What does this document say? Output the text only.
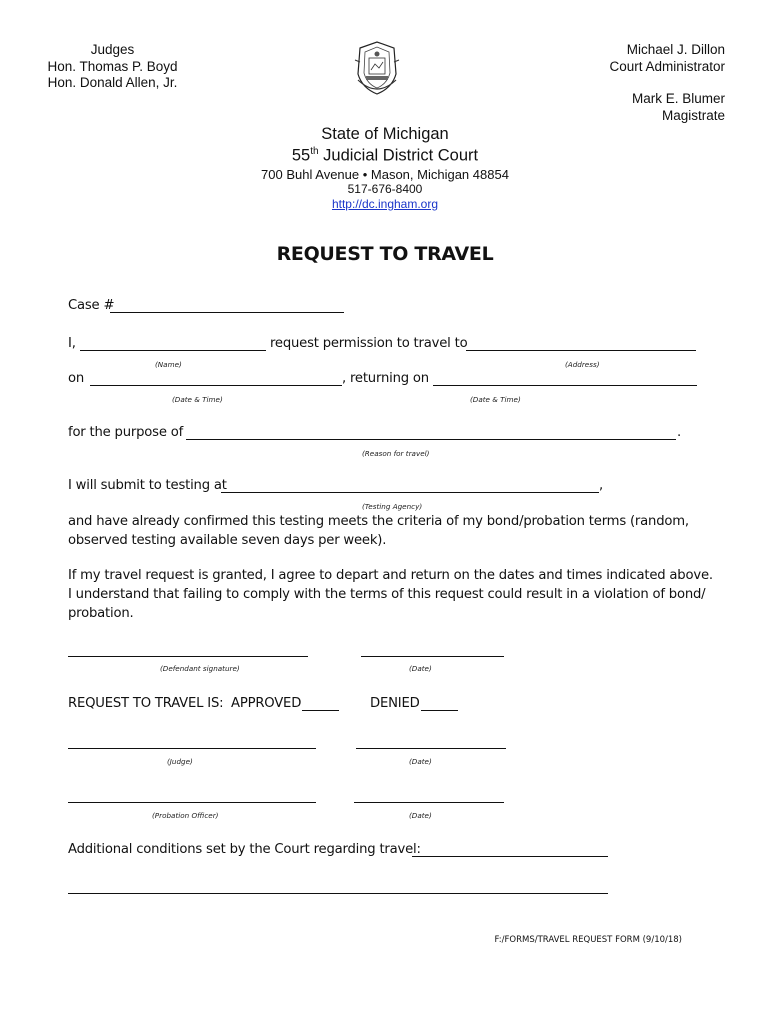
Judges
Hon. Thomas P. Boyd
Hon. Donald Allen, Jr.
Michael J. Dillon
Court Administrator
Mark E. Blumer
Magistrate
State of Michigan
55th Judicial District Court
700 Buhl Avenue • Mason, Michigan 48854
517-676-8400
http://dc.ingham.org
REQUEST TO TRAVEL
Case #
I,	request permission to travel to
(Name)	(Address)
on	, returning on
(Date & Time)	(Date & Time)
for the purpose of	.
(Reason for travel)
I will submit to testing at	,
(Testing Agency)
and have already confirmed this testing meets the criteria of my bond/probation terms (random,
observed testing available seven days per week).
If my travel request is granted, I agree to depart and return on the dates and times indicated above.
I understand that failing to comply with the terms of this request could result in a violation of bond/
probation.
(Defendant signature)	(Date)
REQUEST TO TRAVEL IS: APPROVED	DENIED
(Judge)	(Date)
(Probation Officer)	(Date)
Additional conditions set by the Court regarding travel:
F:/FORMS/TRAVEL REQUEST FORM (9/10/18)
